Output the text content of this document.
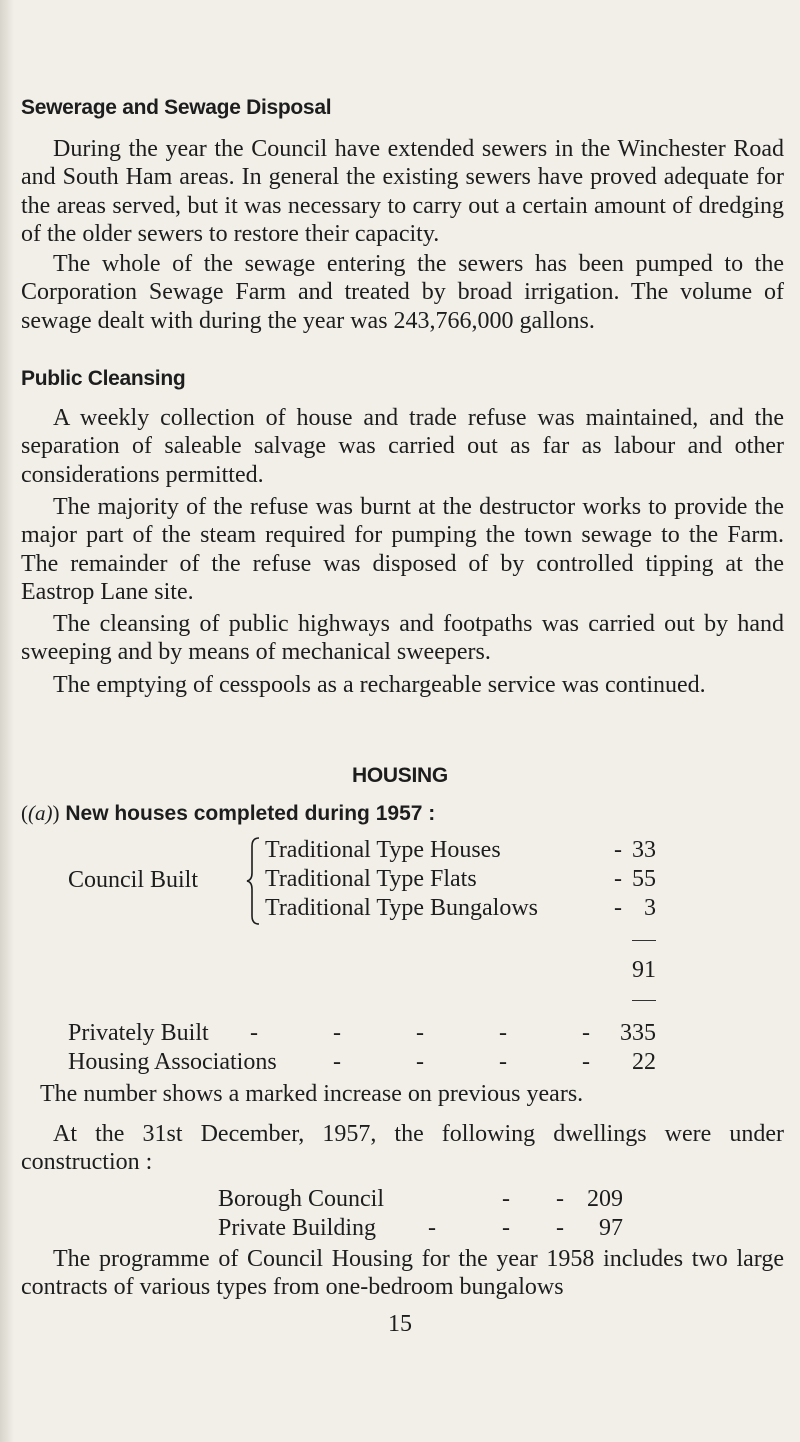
Sewerage and Sewage Disposal

During the year the Council have extended sewers in the Winchester Road and South Ham areas. In general the existing sewers have proved adequate for the areas served, but it was necessary to carry out a certain amount of dredging of the older sewers to restore their capacity.

The whole of the sewage entering the sewers has been pumped to the Corporation Sewage Farm and treated by broad irrigation. The volume of sewage dealt with during the year was 243,766,000 gallons.

Public Cleansing

A weekly collection of house and trade refuse was maintained, and the separation of saleable salvage was carried out as far as labour and other considerations permitted.

The majority of the refuse was burnt at the destructor works to provide the major part of the steam required for pumping the town sewage to the Farm. The remainder of the refuse was disposed of by controlled tipping at the Eastrop Lane site.

The cleansing of public highways and footpaths was carried out by hand sweeping and by means of mechanical sweepers.

The emptying of cesspools as a rechargeable service was continued.

HOUSING
((a)) New houses completed during 1957 :
Council Built
Traditional Type Houses	- 33
Traditional Type Flats	- 55
Traditional Type Bungalows	- 3
91
Privately Built -	-	-	-	-	335
Housing Associations -	-	-	-	22
The number shows a marked increase on previous years.

At the 31st December, 1957, the following dwellings were under construction :

Borough Council	- - 209
Private Building -	- -	97

The programme of Council Housing for the year 1958 includes two large contracts of various types from one-bedroom bungalows

15
